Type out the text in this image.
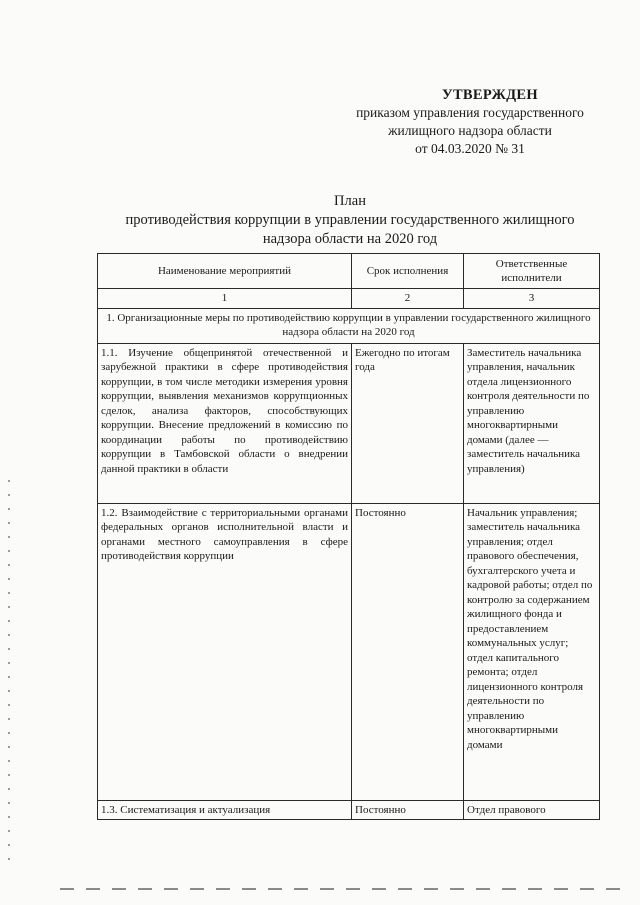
УТВЕРЖДЕН
приказом управления государственного
жилищного надзора области
от 04.03.2020 № 31
План
противодействия коррупции в управлении государственного жилищного
надзора области на 2020 год
Наименование мероприятий	Срок исполнения	Ответственные исполнители
1	2	3
1. Организационные меры по противодействию коррупции в управлении государственного жилищного надзора области на 2020 год		
1.1. Изучение общепринятой отечественной и зарубежной практики в сфере противодействия коррупции, в том числе методики измерения уровня коррупции, выявления механизмов коррупционных сделок, анализа факторов, способствующих коррупции. Внесение предложений в комиссию по координации работы по противодействию коррупции в Тамбовской области о внедрении данной практики в области	Ежегодно по итогам года	Заместитель начальника управления, начальник отдела лицензионного контроля деятельности по управлению многоквартирными домами (далее — заместитель начальника управления)
1.2. Взаимодействие с территориальными органами федеральных органов исполнительной власти и органами местного самоуправления в сфере противодействия коррупции	Постоянно	Начальник управления; заместитель начальника управления; отдел правового обеспечения, бухгалтерского учета и кадровой работы; отдел по контролю за содержанием жилищного фонда и предоставлением коммунальных услуг; отдел капитального ремонта; отдел лицензионного контроля деятельности по управлению многоквартирными домами
1.3. Систематизация и актуализация	Постоянно	Отдел правового
